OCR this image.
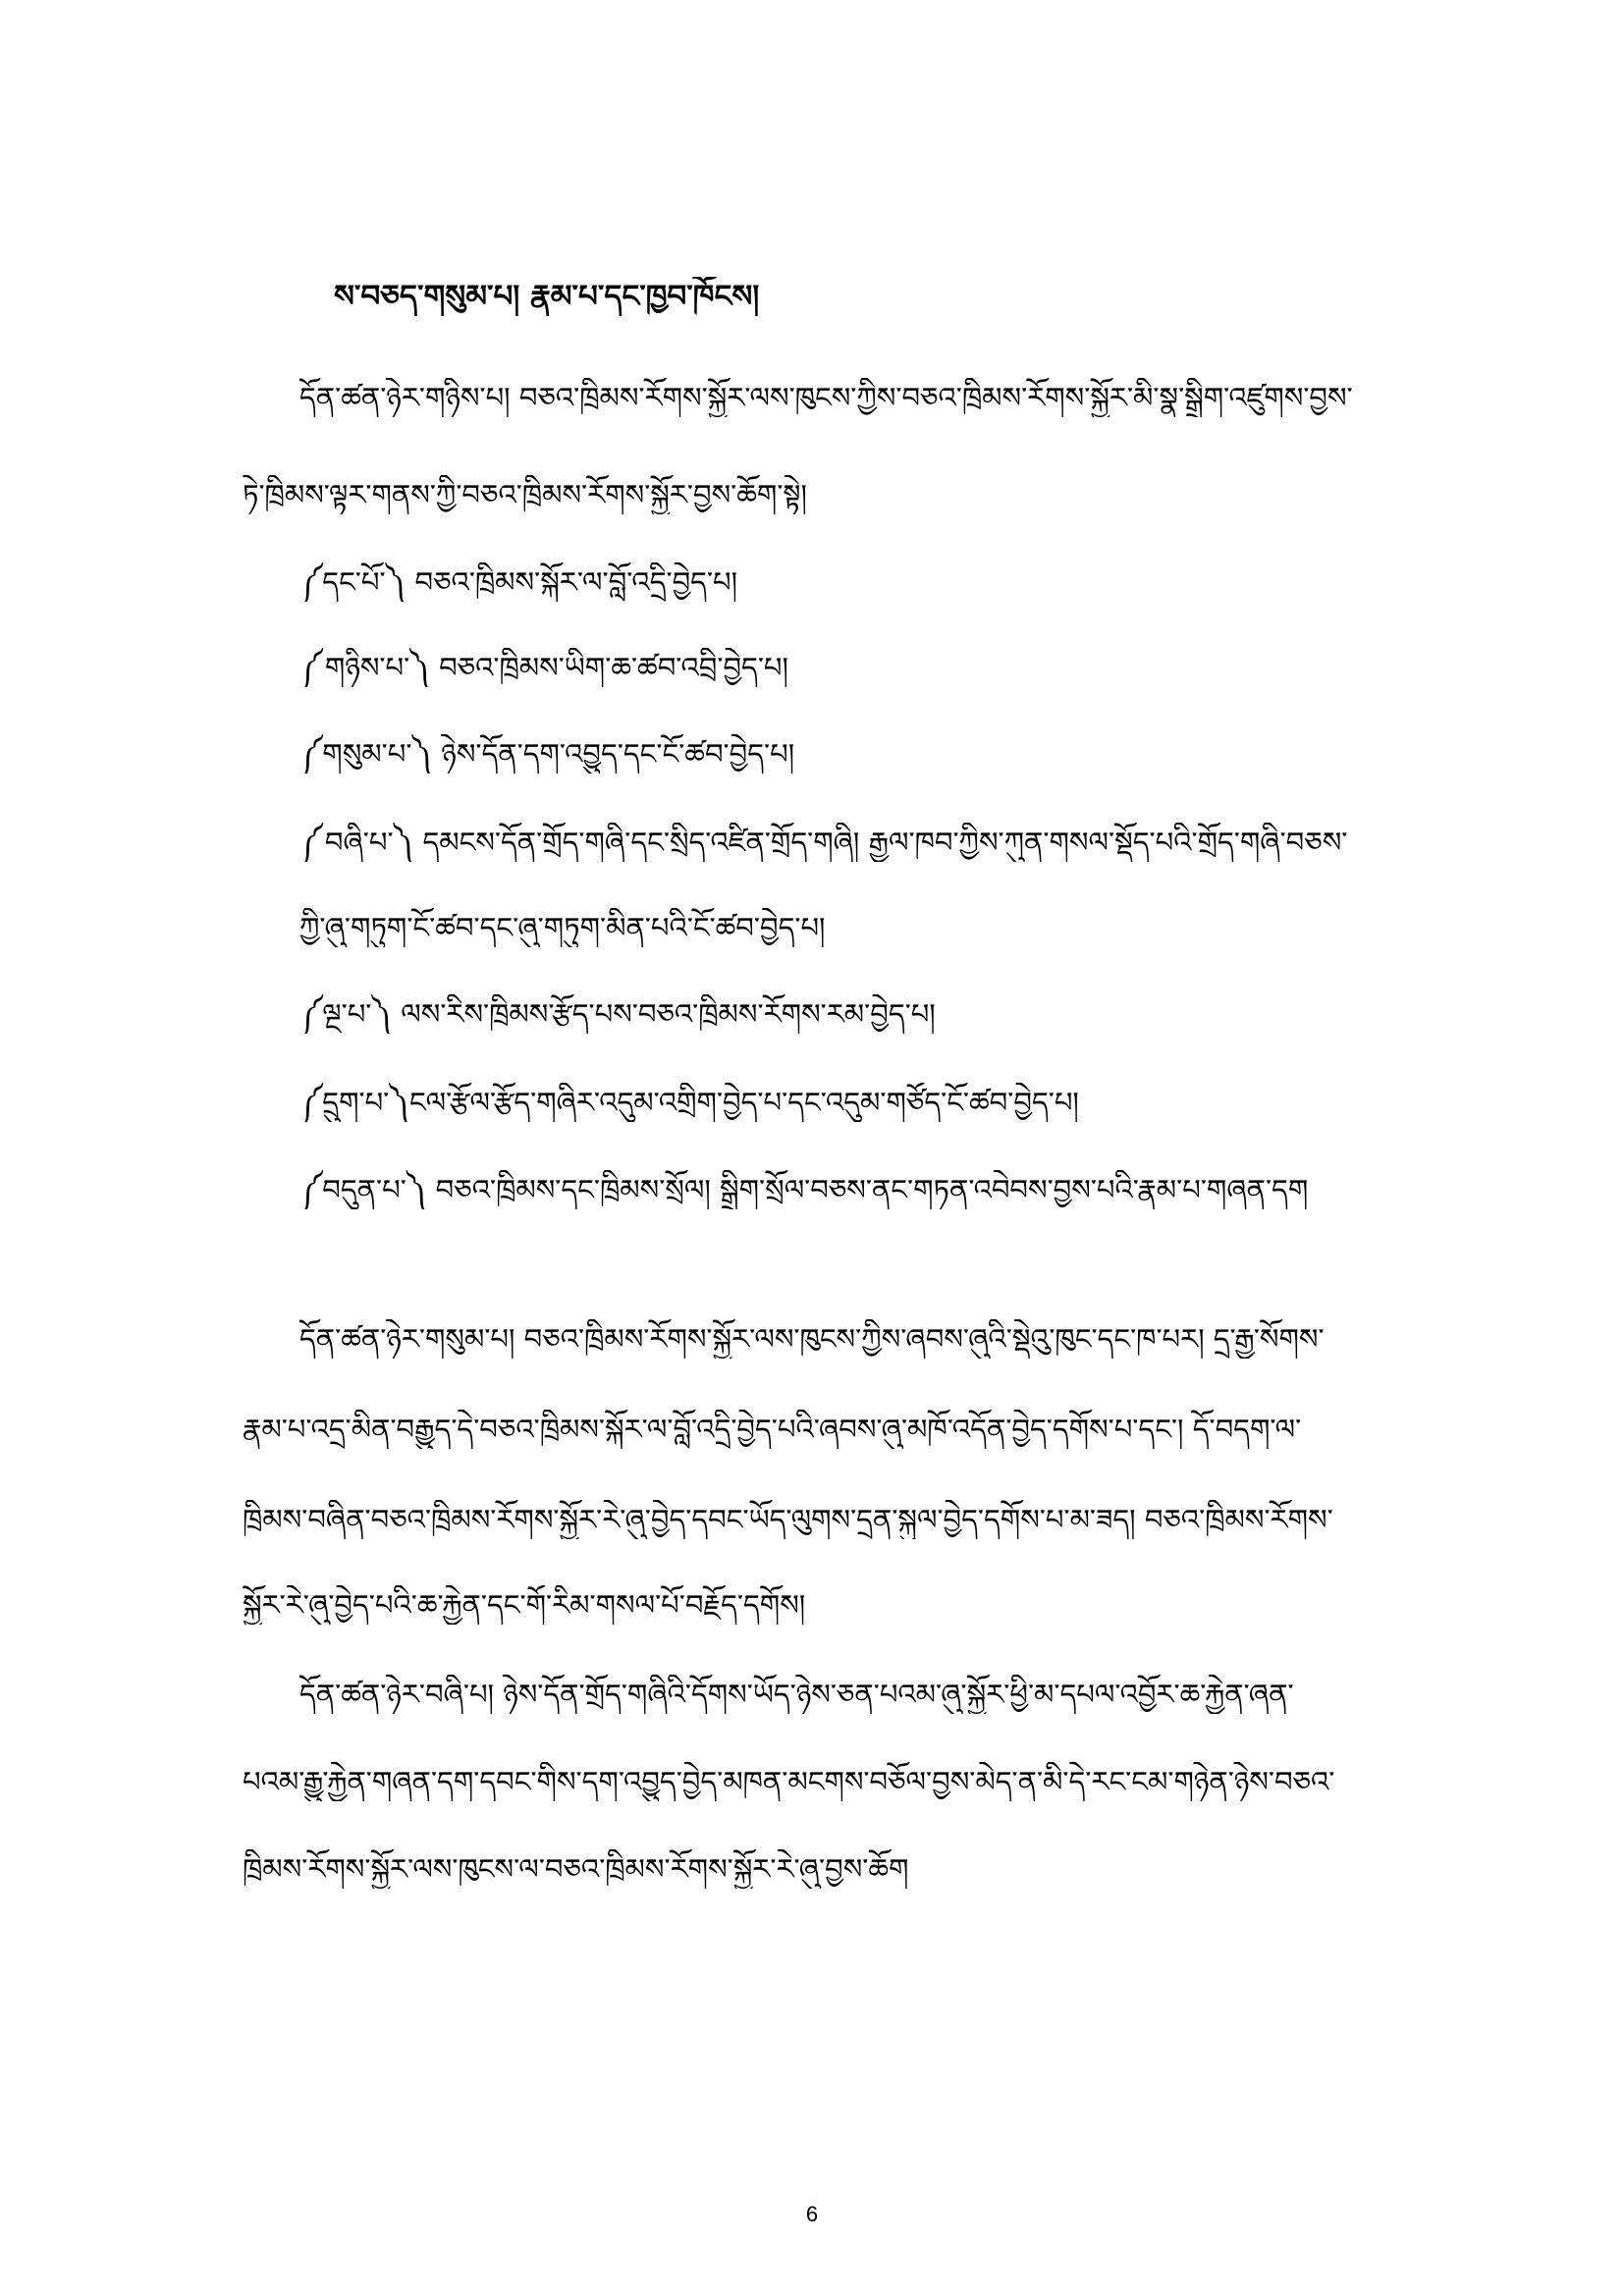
ས་བཅད་གསུམ་པ། རྣམ་པ་དང་ཁྱབ་ཁོངས།
དོན་ཚན་ཉེར་གཉིས་པ། བཅའ་ཁྲིམས་རོགས་སྐྱོར་ལས་ཁུངས་ཀྱིས་བཅའ་ཁྲིམས་རོགས་སྐྱོར་མི་སྣ་སྒྲིག་འཛུགས་བྱས་
ཏེ་ཁྲིམས་ལྟར་གནས་ཀྱི་བཅའ་ཁྲིམས་རོགས་སྐྱོར་བྱས་ཆོག་སྟེ།
༼དང་པོ་༽ བཅའ་ཁྲིམས་སྐོར་ལ་བློ་འདྲི་བྱེད་པ།
༼གཉིས་པ་༽ བཅའ་ཁྲིམས་ཡིག་ཆ་ཚབ་འབྲི་བྱེད་པ།
༼གསུམ་པ་༽ ཉེས་དོན་དག་འབྱུད་དང་ངོ་ཚབ་བྱེད་པ།
༼བཞི་པ་༽ དམངས་དོན་གྲོད་གཞི་དང་སྲིད་འཛིན་གྲོད་གཞི། རྒྱལ་ཁབ་ཀྱིས་ཀུན་གསལ་སྡོད་པའི་གྲོད་གཞི་བཅས་
ཀྱི་ཞུ་གཏུག་ངོ་ཚབ་དང་ཞུ་གཏུག་མིན་པའི་ངོ་ཚབ་བྱེད་པ།
༼ལྔ་པ་༽ ལས་རིས་ཁྲིམས་རྩོད་པས་བཅའ་ཁྲིམས་རོགས་རམ་བྱེད་པ།
༼དྲུག་པ་༽ངལ་རྩོལ་རྩོད་གཞིར་འདུམ་འགྲིག་བྱེད་པ་དང་འདུམ་གཙོད་ངོ་ཚབ་བྱེད་པ།
༼བདུན་པ་༽ བཅའ་ཁྲིམས་དང་ཁྲིམས་སྲོལ། སྒྲིག་སྲོལ་བཅས་ནང་གཏན་འབེབས་བྱས་པའི་རྣམ་པ་གཞན་དག
དོན་ཚན་ཉེར་གསུམ་པ། བཅའ་ཁྲིམས་རོགས་སྐྱོར་ལས་ཁུངས་ཀྱིས་ཞབས་ཞུའི་སྡེའུ་ཁུང་དང་ཁ་པར། དྲ་རྒྱ་སོགས་
རྣམ་པ་འདྲ་མིན་བརྒྱུད་དེ་བཅའ་ཁྲིམས་སྐོར་ལ་བློ་འདྲི་བྱེད་པའི་ཞབས་ཞུ་མཁོ་འདོན་བྱེད་དགོས་པ་དང་། དོ་བདག་ལ་
ཁྲིམས་བཞིན་བཅའ་ཁྲིམས་རོགས་སྐྱོར་རེ་ཞུ་བྱེད་དབང་ཡོད་ལུགས་དྲན་སྐུལ་བྱེད་དགོས་པ་མ་ཟད། བཅའ་ཁྲིམས་རོགས་
སྐྱོར་རེ་ཞུ་བྱེད་པའི་ཆ་རྐྱེན་དང་གོ་རིམ་གསལ་པོ་བརྗོད་དགོས།
དོན་ཚན་ཉེར་བཞི་པ། ཉེས་དོན་གྲོད་གཞིའི་དོགས་ཡོད་ཉེས་ཅན་པའམ་ཞུ་སྐྱོར་ཕྱི་མ་དཔལ་འབྱོར་ཆ་རྐྱེན་ཞན་
པའམ་རྒྱུ་རྐྱེན་གཞན་དག་དབང་གིས་དག་འབྱུད་བྱེད་མཁན་མངགས་བཅོལ་བྱས་མེད་ན་མི་དེ་རང་ངམ་གཉེན་ཉེས་བཅའ་
ཁྲིམས་རོགས་སྐྱོར་ལས་ཁུངས་ལ་བཅའ་ཁྲིམས་རོགས་སྐྱོར་རེ་ཞུ་བྱས་ཆོག
6
